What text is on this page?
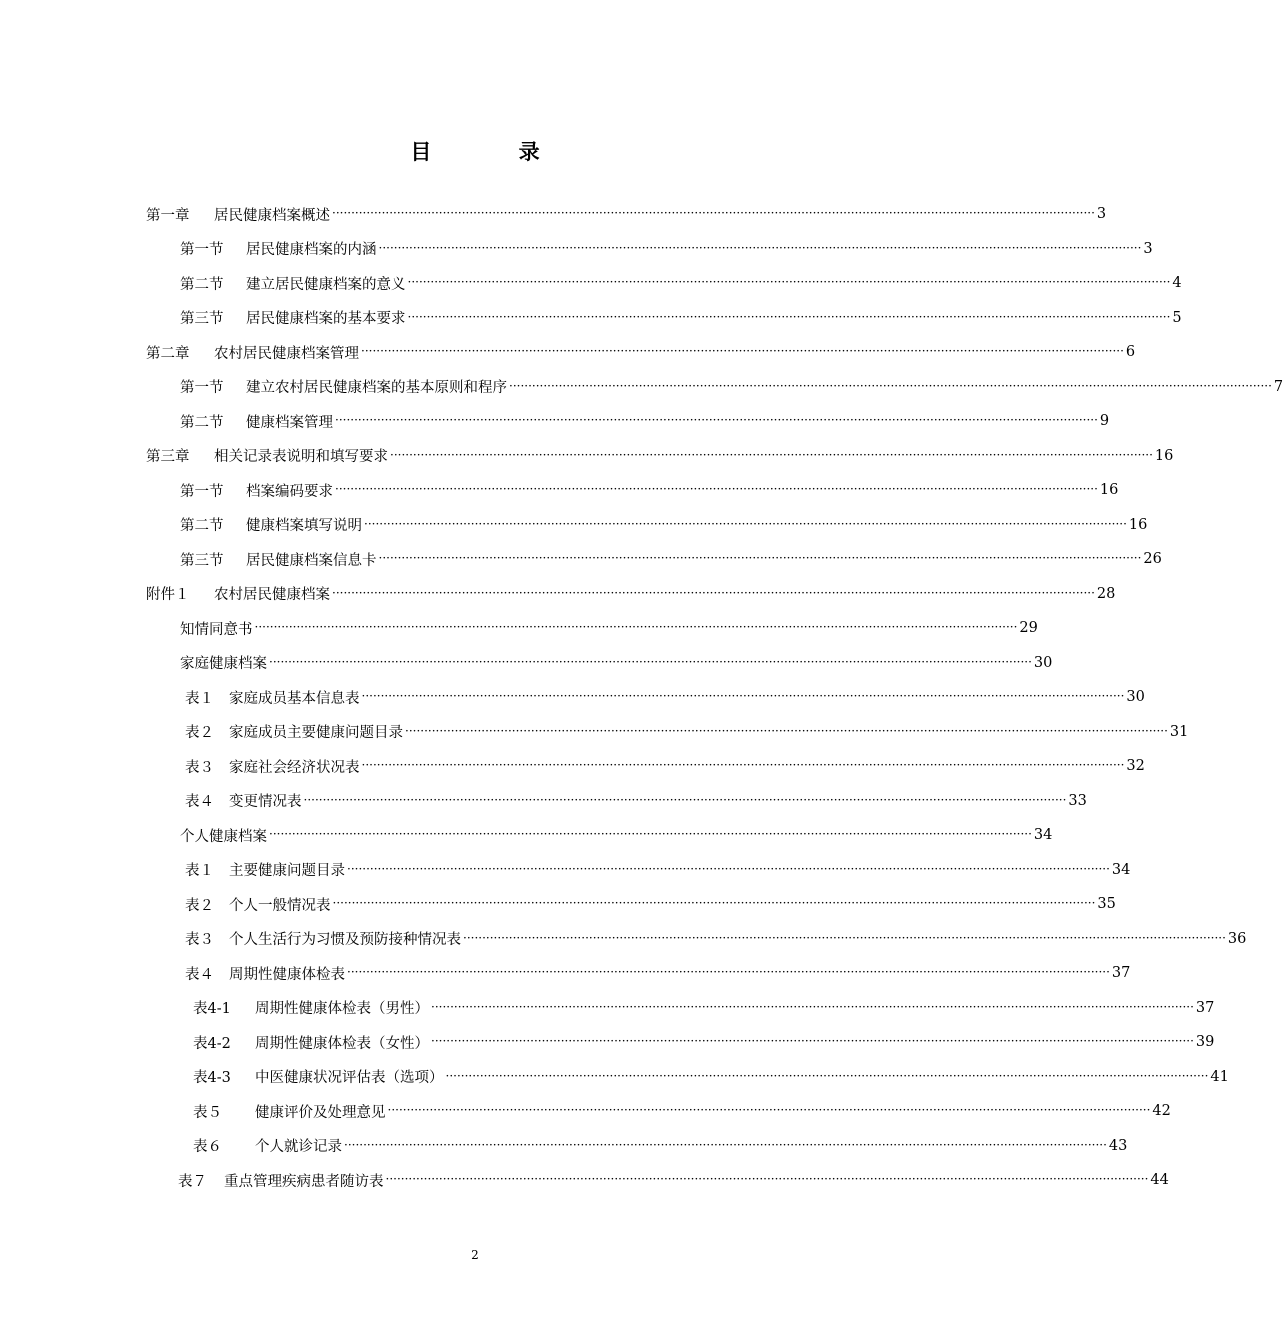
目 录
第一章	居民健康档案概述 ········································································································································································································ 3
第一节	居民健康档案的内涵 ········································································································································································································ 3
第二节	建立居民健康档案的意义 ········································································································································································································ 4
第三节	居民健康档案的基本要求 ········································································································································································································ 5
第二章	农村居民健康档案管理 ········································································································································································································ 6
第一节	建立农村居民健康档案的基本原则和程序 ········································································································································································································ 7
第二节	健康档案管理 ········································································································································································································ 9
第三章	相关记录表说明和填写要求 ········································································································································································································ 16
第一节	档案编码要求 ········································································································································································································ 16
第二节	健康档案填写说明 ········································································································································································································ 16
第三节	居民健康档案信息卡 ········································································································································································································ 26
附件１	农村居民健康档案 ········································································································································································································ 28
知情同意书 ········································································································································································································ 29
家庭健康档案 ········································································································································································································ 30
表１	家庭成员基本信息表 ········································································································································································································ 30
表２	家庭成员主要健康问题目录 ········································································································································································································ 31
表３	家庭社会经济状况表 ········································································································································································································ 32
表４	变更情况表 ········································································································································································································ 33
个人健康档案 ········································································································································································································ 34
表１	主要健康问题目录 ········································································································································································································ 34
表２	个人一般情况表 ········································································································································································································ 35
表３	个人生活行为习惯及预防接种情况表 ········································································································································································································ 36
表４	周期性健康体检表 ········································································································································································································ 37
表4-1	周期性健康体检表（男性） ········································································································································································································ 37
表4-2	周期性健康体检表（女性） ········································································································································································································ 39
表4-3	中医健康状况评估表（选项） ········································································································································································································ 41
表５	健康评价及处理意见 ········································································································································································································ 42
表６	个人就诊记录 ········································································································································································································ 43
表７	重点管理疾病患者随访表 ········································································································································································································ 44
2
